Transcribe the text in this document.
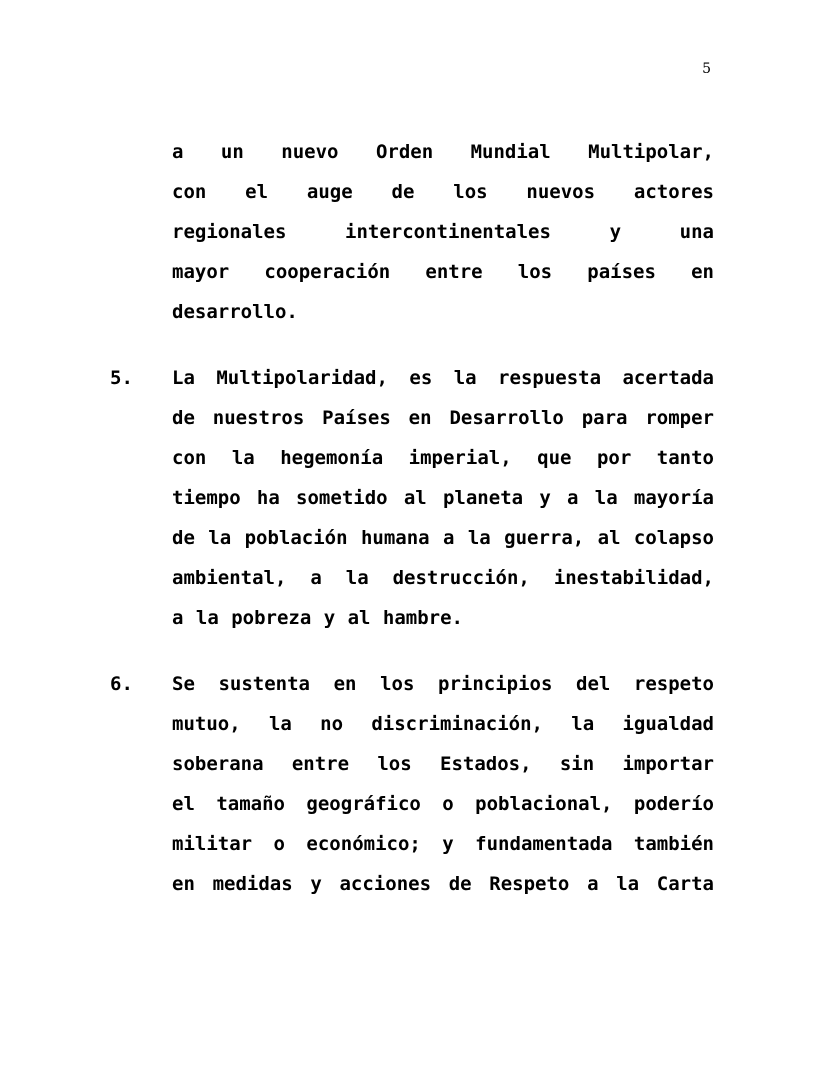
5
a un nuevo Orden Mundial Multipolar,
con el auge de los nuevos actores
regionales intercontinentales y una
mayor cooperación entre los países en
desarrollo.
5.	La Multipolaridad, es la respuesta acertada
de nuestros Países en Desarrollo para romper
con la hegemonía imperial, que por tanto
tiempo ha sometido al planeta y a la mayoría
de la población humana a la guerra, al colapso
ambiental, a la destrucción, inestabilidad,
a la pobreza y al hambre.
6.	Se sustenta en los principios del respeto
mutuo, la no discriminación, la igualdad
soberana entre los Estados, sin importar
el tamaño geográfico o poblacional, poderío
militar o económico; y fundamentada también
en medidas y acciones de Respeto a la Carta
